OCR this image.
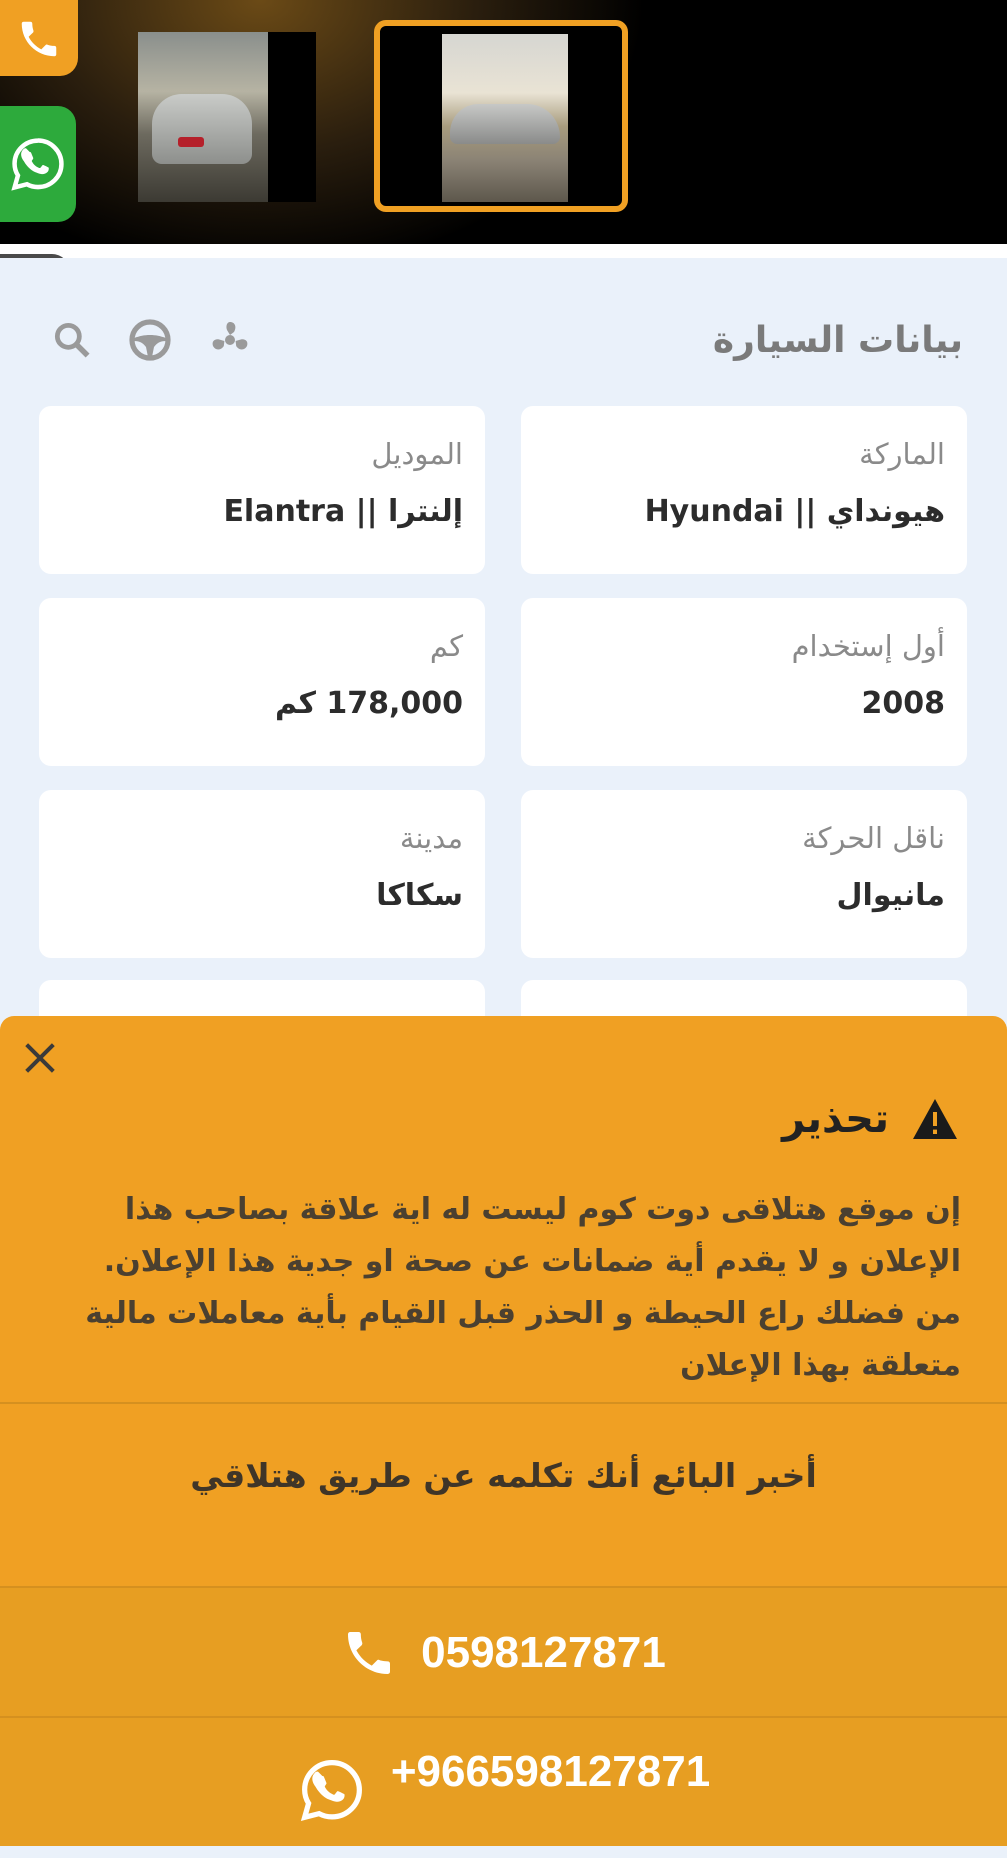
بيانات السيارة
الماركة
هيونداي || Hyundai
الموديل
إلنترا || Elantra
أول إستخدام
2008
كم
178,000 كم
ناقل الحركة
مانيوال
مدينة
سكاكا
تحذير
إن موقع هتلاقى دوت كوم ليست له اية علاقة بصاحب هذا الإعلان و لا يقدم أية ضمانات عن صحة او جدية هذا الإعلان. من فضلك راع الحيطة و الحذر قبل القيام بأية معاملات مالية متعلقة بهذا الإعلان
أخبر البائع أنك تكلمه عن طريق هتلاقي
0598127871
+966598127871
